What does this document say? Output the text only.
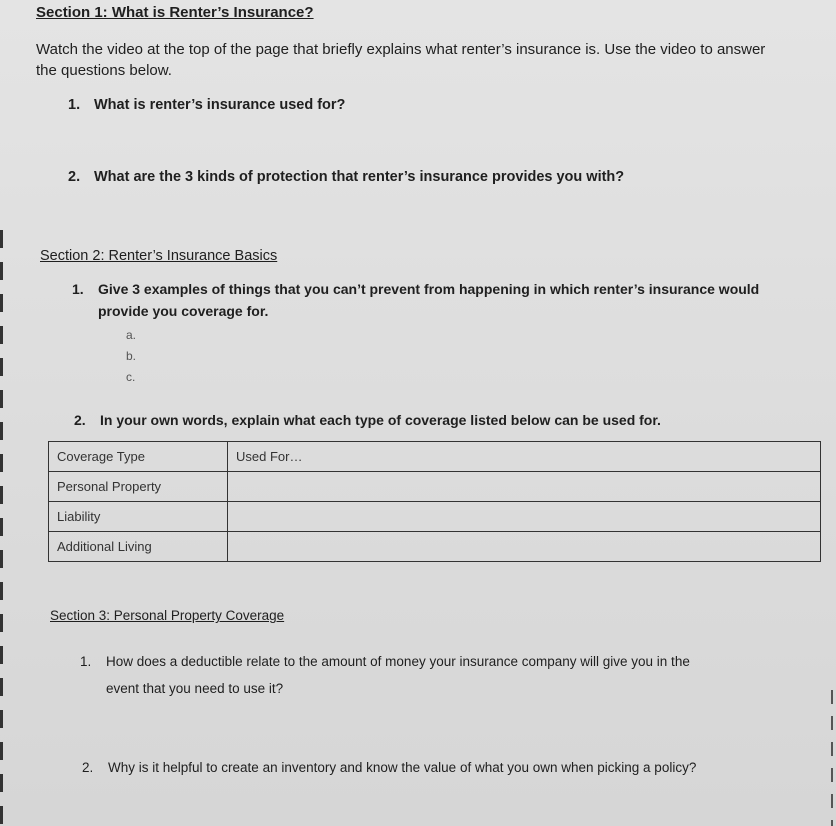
Section 1: What is Renter’s Insurance?
Watch the video at the top of the page that briefly explains what renter’s insurance is. Use the video to answer
the questions below.
1. What is renter’s insurance used for?
2. What are the 3 kinds of protection that renter’s insurance provides you with?
Section 2: Renter’s Insurance Basics
1. Give 3 examples of things that you can’t prevent from happening in which renter’s insurance would
provide you coverage for.
a.
b.
c.
2. In your own words, explain what each type of coverage listed below can be used for.
Coverage Type	Used For…
Personal Property	
Liability	
Additional Living	
Section 3: Personal Property Coverage
1. How does a deductible relate to the amount of money your insurance company will give you in the
event that you need to use it?
2. Why is it helpful to create an inventory and know the value of what you own when picking a policy?
